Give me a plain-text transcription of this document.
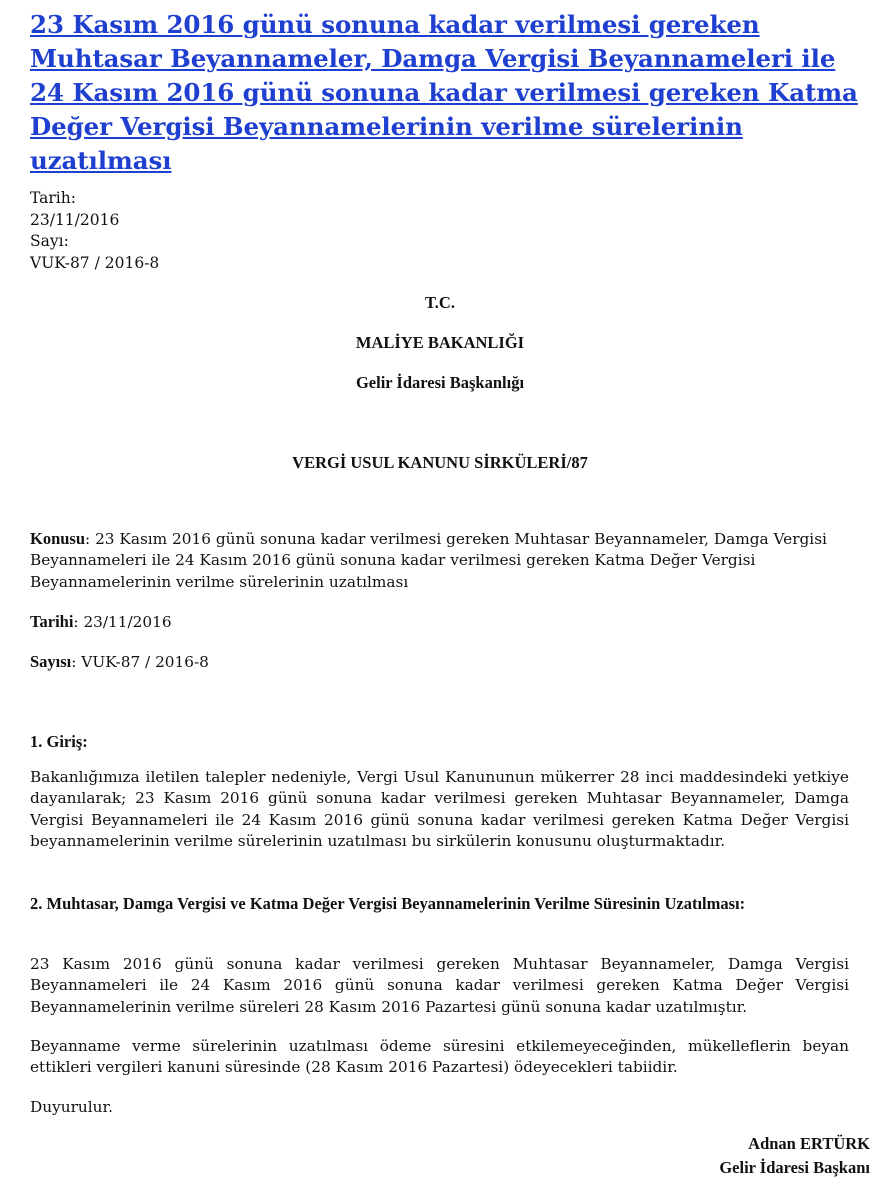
23 Kasım 2016 günü sonuna kadar verilmesi gereken Muhtasar Beyannameler, Damga Vergisi Beyannameleri ile 24 Kasım 2016 günü sonuna kadar verilmesi gereken Katma Değer Vergisi Beyannamelerinin verilme sürelerinin uzatılması
Tarih:
23/11/2016
Sayı:
VUK-87 / 2016-8
T.C.
MALİYE BAKANLIĞI
Gelir İdaresi Başkanlığı
VERGİ USUL KANUNU SİRKÜLERİ/87
Konusu: 23 Kasım 2016 günü sonuna kadar verilmesi gereken Muhtasar Beyannameler, Damga Vergisi Beyannameleri ile 24 Kasım 2016 günü sonuna kadar verilmesi gereken Katma Değer Vergisi Beyannamelerinin verilme sürelerinin uzatılması
Tarihi: 23/11/2016
Sayısı: VUK-87 / 2016-8
1. Giriş:
Bakanlığımıza iletilen talepler nedeniyle, Vergi Usul Kanununun mükerrer 28 inci maddesindeki yetkiye dayanılarak; 23 Kasım 2016 günü sonuna kadar verilmesi gereken Muhtasar Beyannameler, Damga Vergisi Beyannameleri ile 24 Kasım 2016 günü sonuna kadar verilmesi gereken Katma Değer Vergisi beyannamelerinin verilme sürelerinin uzatılması bu sirkülerin konusunu oluşturmaktadır.
2. Muhtasar, Damga Vergisi ve Katma Değer Vergisi Beyannamelerinin Verilme Süresinin Uzatılması:
23 Kasım 2016 günü sonuna kadar verilmesi gereken Muhtasar Beyannameler, Damga Vergisi Beyannameleri ile 24 Kasım 2016 günü sonuna kadar verilmesi gereken Katma Değer Vergisi Beyannamelerinin verilme süreleri 28 Kasım 2016 Pazartesi günü sonuna kadar uzatılmıştır.
Beyanname verme sürelerinin uzatılması ödeme süresini etkilemeyeceğinden, mükelleflerin beyan ettikleri vergileri kanuni süresinde (28 Kasım 2016 Pazartesi) ödeyecekleri tabiidir.
Duyurulur.
Adnan ERTÜRK
Gelir İdaresi Başkanı
